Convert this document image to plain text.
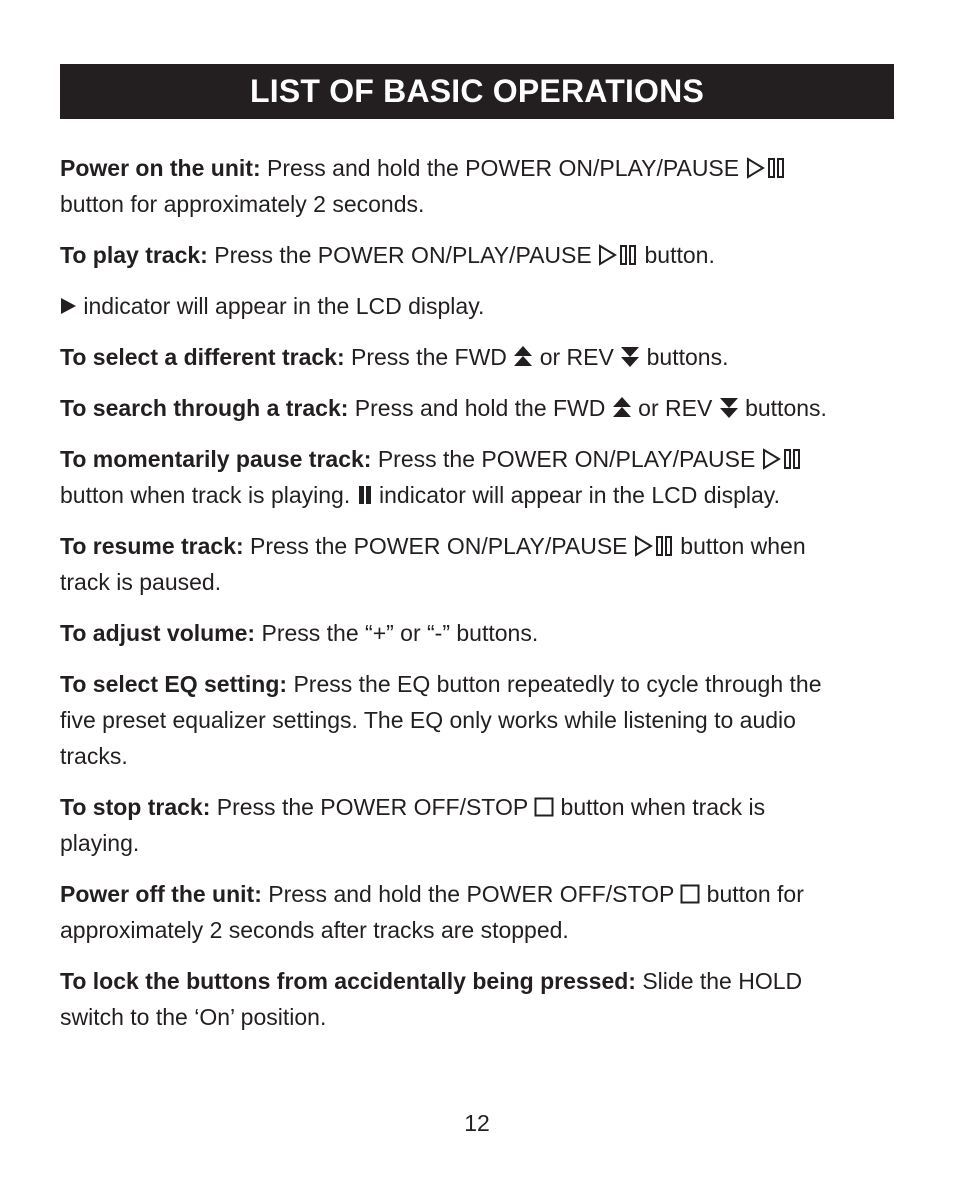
LIST OF BASIC OPERATIONS

Power on the unit: Press and hold the POWER ON/PLAY/PAUSE

button for approximately 2 seconds.

To play track: Press the POWER ON/PLAY/PAUSE
button.

indicator will appear in the LCD display.

To select a different track: Press the FWD
or REV
buttons.

To search through a track: Press and hold the FWD
or REV
buttons.

To momentarily pause track: Press the POWER ON/PLAY/PAUSE

button when track is playing.
indicator will appear in the LCD display.

To resume track: Press the POWER ON/PLAY/PAUSE
button when
track is paused.

To adjust volume: Press the “+” or “-” buttons.

To select EQ setting: Press the EQ button repeatedly to cycle through the
five preset equalizer settings. The EQ only works while listening to audio
tracks.

To stop track: Press the POWER OFF/STOP
button when track is
playing.

Power off the unit: Press and hold the POWER OFF/STOP
button for
approximately 2 seconds after tracks are stopped.

To lock the buttons from accidentally being pressed: Slide the HOLD
switch to the ‘On’ position.

12
